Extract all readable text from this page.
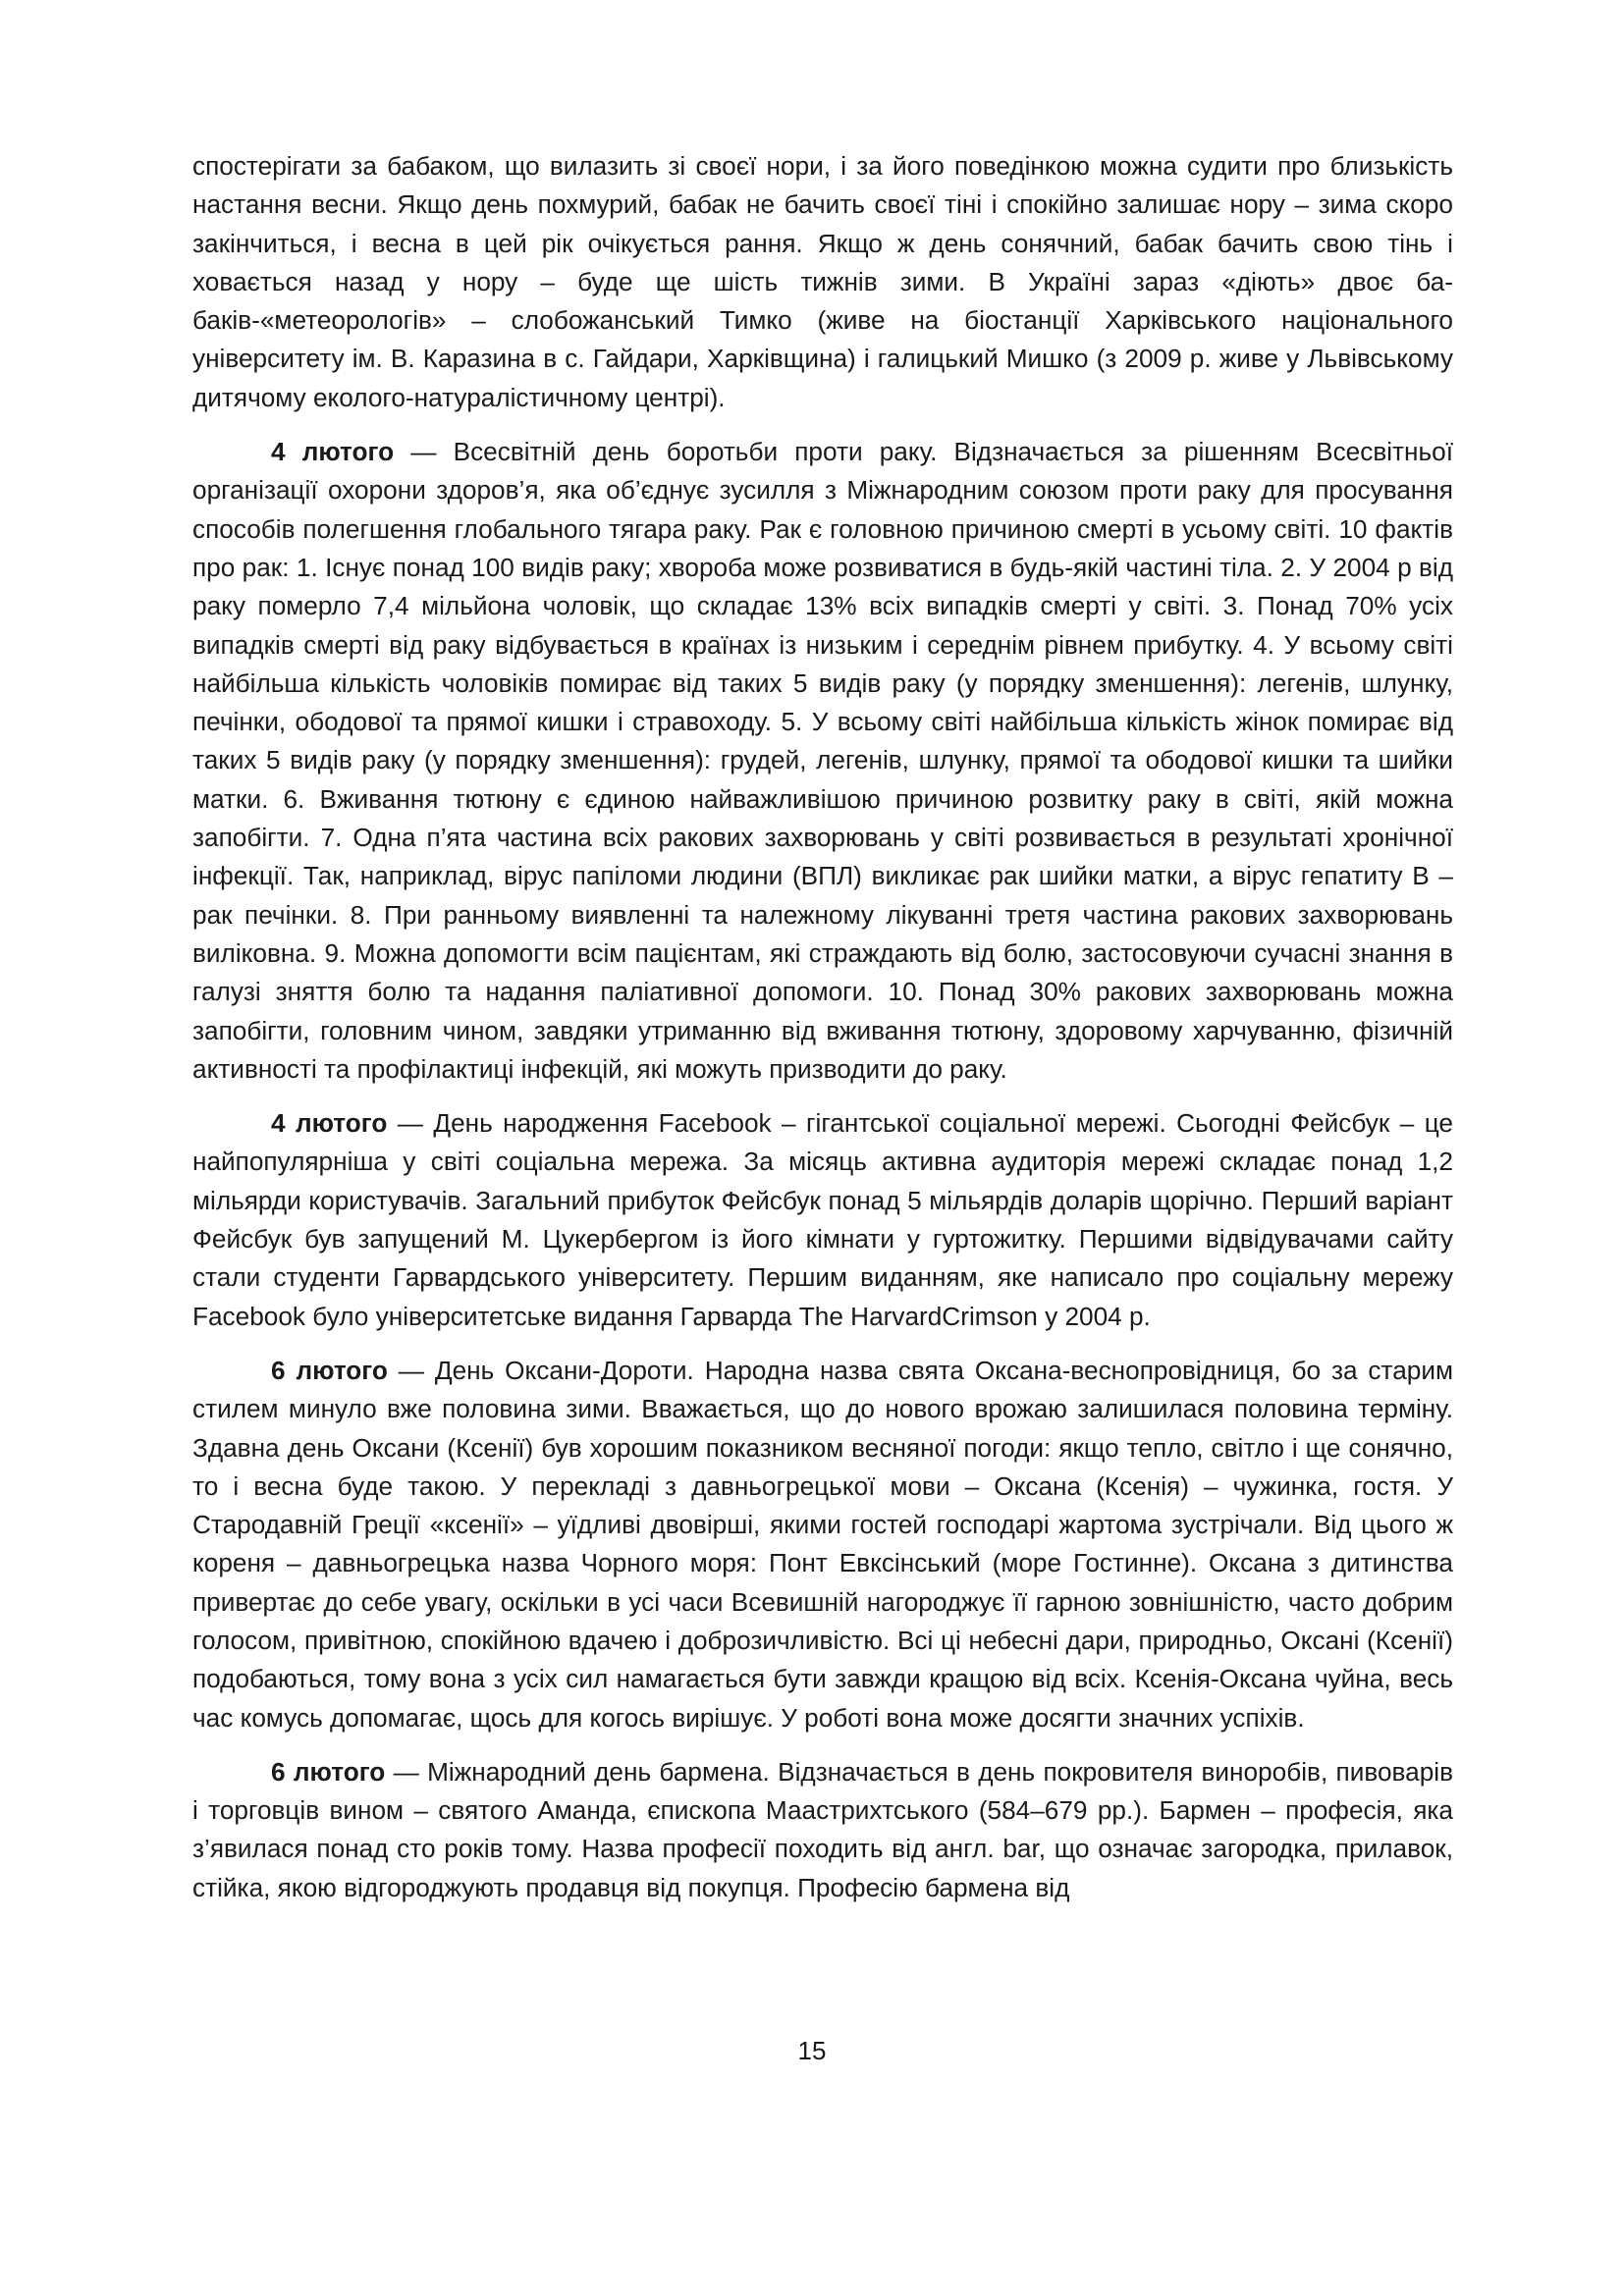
спостерігати за бабаком, що вилазить зі своєї нори, і за його поведінкою можна судити про близькість настання весни. Якщо день похмурий, бабак не бачить своєї тіні і спокійно залишає нору – зима скоро закінчиться, і весна в цей рік очікується рання. Якщо ж день сонячний, бабак бачить свою тінь і ховається назад у нору – буде ще шість тижнів зими. В Україні зараз «діють» двоє бабаків-«метеорологів» – слобожанський Тимко (живе на біостанції Харківського національного університету ім. В. Каразина в с. Гайдари, Харківщина) і галицький Мишко (з 2009 р. живе у Львівському дитячому еколого-натуралістичному центрі).

4 лютого — Всесвітній день боротьби проти раку. Відзначається за рішенням Всесвітньої організації охорони здоров’я, яка об’єднує зусилля з Міжнародним союзом проти раку для просування способів полегшення глобального тягара раку. Рак є головною причиною смерті в усьому світі. 10 фактів про рак: 1. Існує понад 100 видів раку; хвороба може розвиватися в будь-якій частині тіла. 2. У 2004 р від раку померло 7,4 мільйона чоловік, що складає 13% всіх випадків смерті у світі. 3. Понад 70% усіх випадків смерті від раку відбувається в країнах із низьким і середнім рівнем прибутку. 4. У всьому світі найбільша кількість чоловіків помирає від таких 5 видів раку (у порядку зменшення): легенів, шлунку, печінки, ободової та прямої кишки і стравоходу. 5. У всьому світі найбільша кількість жінок помирає від таких 5 видів раку (у порядку зменшення): грудей, легенів, шлунку, прямої та ободової кишки та шийки матки. 6. Вживання тютюну є єдиною найважливішою причиною розвитку раку в світі, якій можна запобігти. 7. Одна п’ята частина всіх ракових захворювань у світі розвивається в результаті хронічної інфекції. Так, наприклад, вірус папіломи людини (ВПЛ) викликає рак шийки матки, а вірус гепатиту В – рак печінки. 8. При ранньому виявленні та належному лікуванні третя частина ракових захворювань виліковна. 9. Можна допомогти всім пацієнтам, які страждають від болю, застосовуючи сучасні знання в галузі зняття болю та надання паліативної допомоги. 10. Понад 30% ракових захворювань можна запобігти, головним чином, завдяки утриманню від вживання тютюну, здоровому харчуванню, фізичній активності та профілактиці інфекцій, які можуть призводити до раку.

4 лютого — День народження Facebook – гігантської соціальної мережі. Сьогодні Фейсбук – це найпопулярніша у світі соціальна мережа. За місяць активна аудиторія мережі складає понад 1,2 мільярди користувачів. Загальний прибуток Фейсбук понад 5 мільярдів доларів щорічно. Перший варіант Фейсбук був запущений М. Цукербергом із його кімнати у гуртожитку. Першими відвідувачами сайту стали студенти Гарвардського університету. Першим виданням, яке написало про соціальну мережу Facebook було університетське видання Гарварда The HarvardCrimson у 2004 р.

6 лютого — День Оксани-Дороти. Народна назва свята Оксана-веснопровідниця, бо за старим стилем минуло вже половина зими. Вважається, що до нового врожаю залишилася половина терміну. Здавна день Оксани (Ксенії) був хорошим показником весняної погоди: якщо тепло, світло і ще сонячно, то і весна буде такою. У перекладі з давньогрецької мови – Оксана (Ксенія) – чужинка, гостя. У Стародавній Греції «ксенії» – уїдливі двовірші, якими гостей господарі жартома зустрічали. Від цього ж кореня – давньогрецька назва Чорного моря: Понт Евксінський (море Гостинне). Оксана з дитинства привертає до себе увагу, оскільки в усі часи Всевишній нагороджує її гарною зовнішністю, часто добрим голосом, привітною, спокійною вдачею і доброзичливістю. Всі ці небесні дари, природньо, Оксані (Ксенії) подобаються, тому вона з усіх сил намагається бути завжди кращою від всіх. Ксенія-Оксана чуйна, весь час комусь допомагає, щось для когось вирішує. У роботі вона може досягти значних успіхів.

6 лютого — Міжнародний день бармена. Відзначається в день покровителя виноробів, пивоварів і торговців вином – святого Аманда, єпископа Маастрихтського (584–679 рр.). Бармен – професія, яка з’явилася понад сто років тому. Назва професії походить від англ. bar, що означає загородка, прилавок, стійка, якою відгороджують продавця від покупця. Професію бармена від

15
